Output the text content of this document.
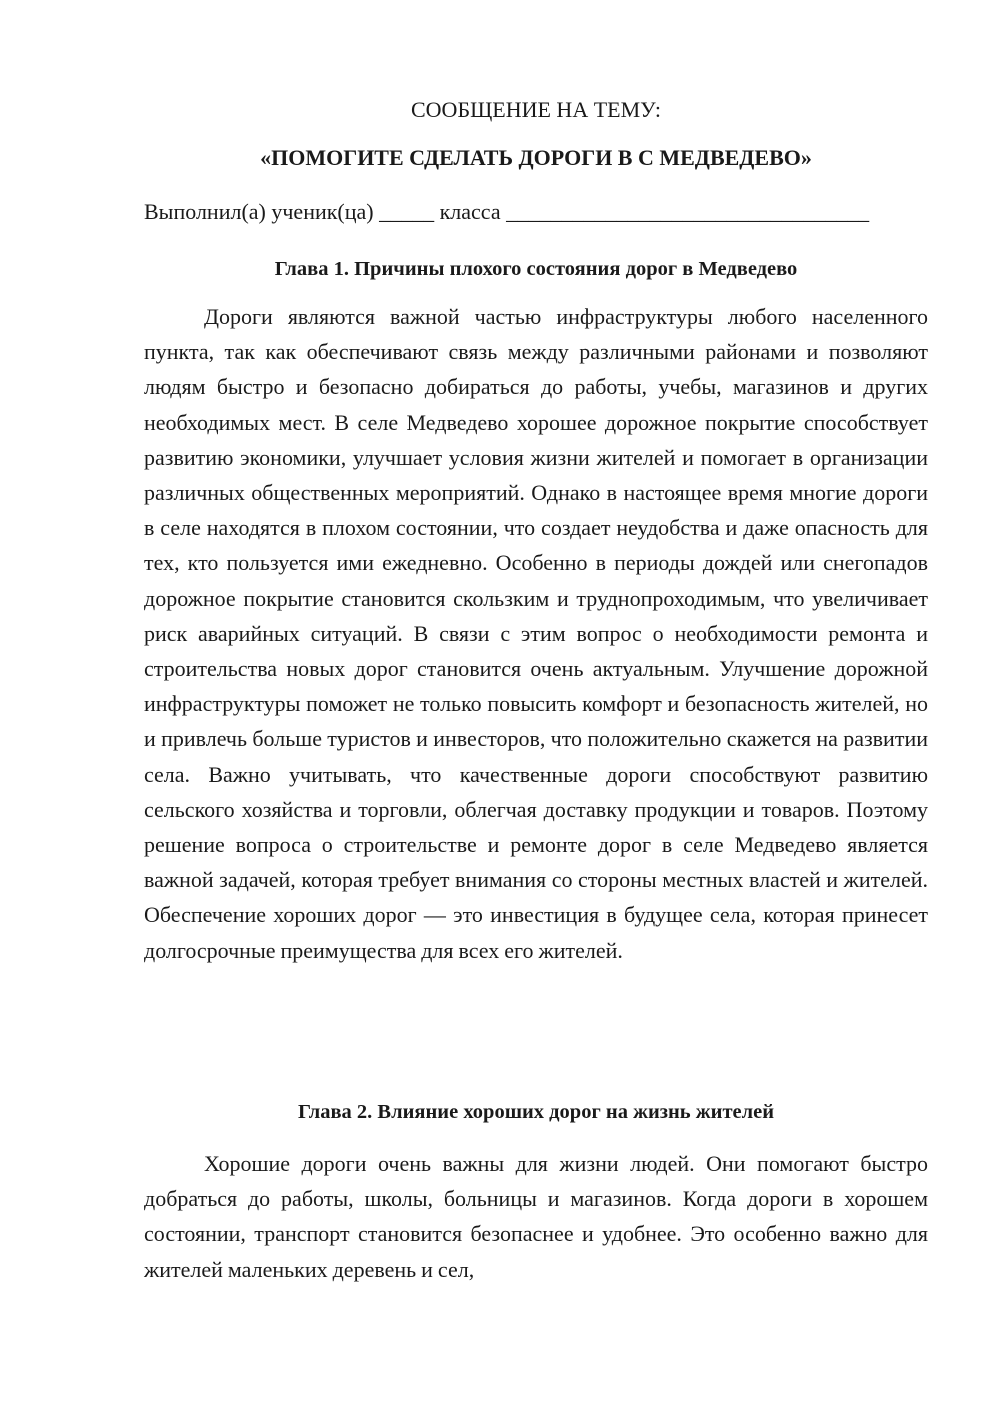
СООБЩЕНИЕ НА ТЕМУ:
«ПОМОГИТЕ СДЕЛАТЬ ДОРОГИ В С МЕДВЕДЕВО»
Выполнил(а) ученик(ца) _____ класса _________________________________
Глава 1. Причины плохого состояния дорог в Медведево

Дороги являются важной частью инфраструктуры любого населенного пункта, так как обеспечивают связь между различными районами и позволяют людям быстро и безопасно добираться до работы, учебы, магазинов и других необходимых мест. В селе Медведево хорошее дорожное покрытие способствует развитию экономики, улучшает условия жизни жителей и помогает в организации различных общественных мероприятий. Однако в настоящее время многие дороги в селе находятся в плохом состоянии, что создает неудобства и даже опасность для тех, кто пользуется ими ежедневно. Особенно в периоды дождей или снегопадов дорожное покрытие становится скользким и труднопроходимым, что увеличивает риск аварийных ситуаций. В связи с этим вопрос о необходимости ремонта и строительства новых дорог становится очень актуальным. Улучшение дорожной инфраструктуры поможет не только повысить комфорт и безопасность жителей, но и привлечь больше туристов и инвесторов, что положительно скажется на развитии села. Важно учитывать, что качественные дороги способствуют развитию сельского хозяйства и торговли, облегчая доставку продукции и товаров. Поэтому решение вопроса о строительстве и ремонте дорог в селе Медведево является важной задачей, которая требует внимания со стороны местных властей и жителей. Обеспечение хороших дорог — это инвестиция в будущее села, которая принесет долгосрочные преимущества для всех его жителей.

Глава 2. Влияние хороших дорог на жизнь жителей

Хорошие дороги очень важны для жизни людей. Они помогают быстро добраться до работы, школы, больницы и магазинов. Когда дороги в хорошем состоянии, транспорт становится безопаснее и удобнее. Это особенно важно для жителей маленьких деревень и сел,
